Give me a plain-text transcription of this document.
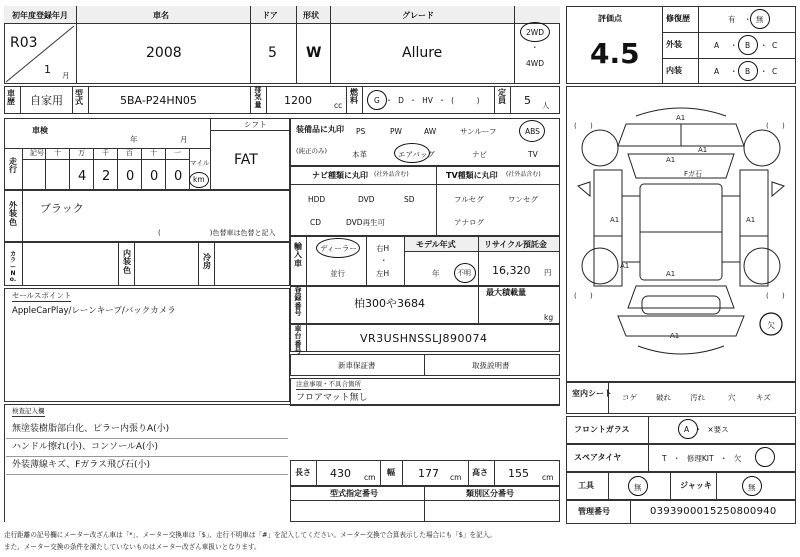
初年度登録年月	車名	ドア	形状	グレード
R03
1 月
2008	5 W	Allure
2WD
・
4WD
車歴 自家用
型式	5BA-P24HN05
排気量 1200	cc
燃料 G ・ D ・ HV ・ (　　　)
定員 5 人
車検
年	月
シフト
FAT
走行
記号 十 万
4
千
2
百
0
十
0
一
0
マイル
km
装備品に丸印
(純正のみ)
PS	PW	AW	サンルーフ	ABS
本革	エアバッグ	ナビ	TV
ナビ種類に丸印 (社外品含む)	TV種類に丸印 (社外品含む)
HDD	DVD	SD
CD	DVD再生可
フルセグ	ワンセグ
アナログ
外装色
ブラック
(　　　　　　　)色替車は色替と記入
カラーNo.
内装色
冷房
輸入車
ディーラー
並行
右H
・
左H
モデル年式
年	不明
リサイクル預託金
16,320 円
セールスポイント
AppleCarPlay/レーンキープ/バックカメラ
登録番号
柏300や3684
最大積載量
kg
車台番号
VR3USHNSSLJ890074
新車保証書	取扱説明書
注意事項・不具合箇所
フロアマット無し
検査記入欄
無塗装樹脂部白化、ピラー内張りA(小)
ハンドル擦れ(小)、コンソールA(小)
外装薄線キズ、Fガラス飛び石(小)
長さ 430 cm
幅 177 cm
高さ 155 cm
型式指定番号	類別区分番号
評価点
4.5
修復歴	有 ・ 無
外装	A ・ B ・ C
内装	A ・ B ・ C
A1
A1
A1
Fガ石
A1	A1
A1
A1
A1
( )	( )
( )	( )
欠
室内シート コゲ	破れ	汚れ	穴	キズ
フロントガラス	A ・ ×要ス
スペアタイヤ	T ・ 修理KIT ・ 欠
工具	無	ジャッキ	無
管理番号	0393900015250800940
走行距離の記号欄にメーター改ざん車は「*」、メーター交換車は「$」、走行不明車は「#」を記入してください。メーター交換で合算表示した場合にも「$」を記入。
また、メーター交換の条件を満たしていないものはメーター改ざん車扱いとなります。
